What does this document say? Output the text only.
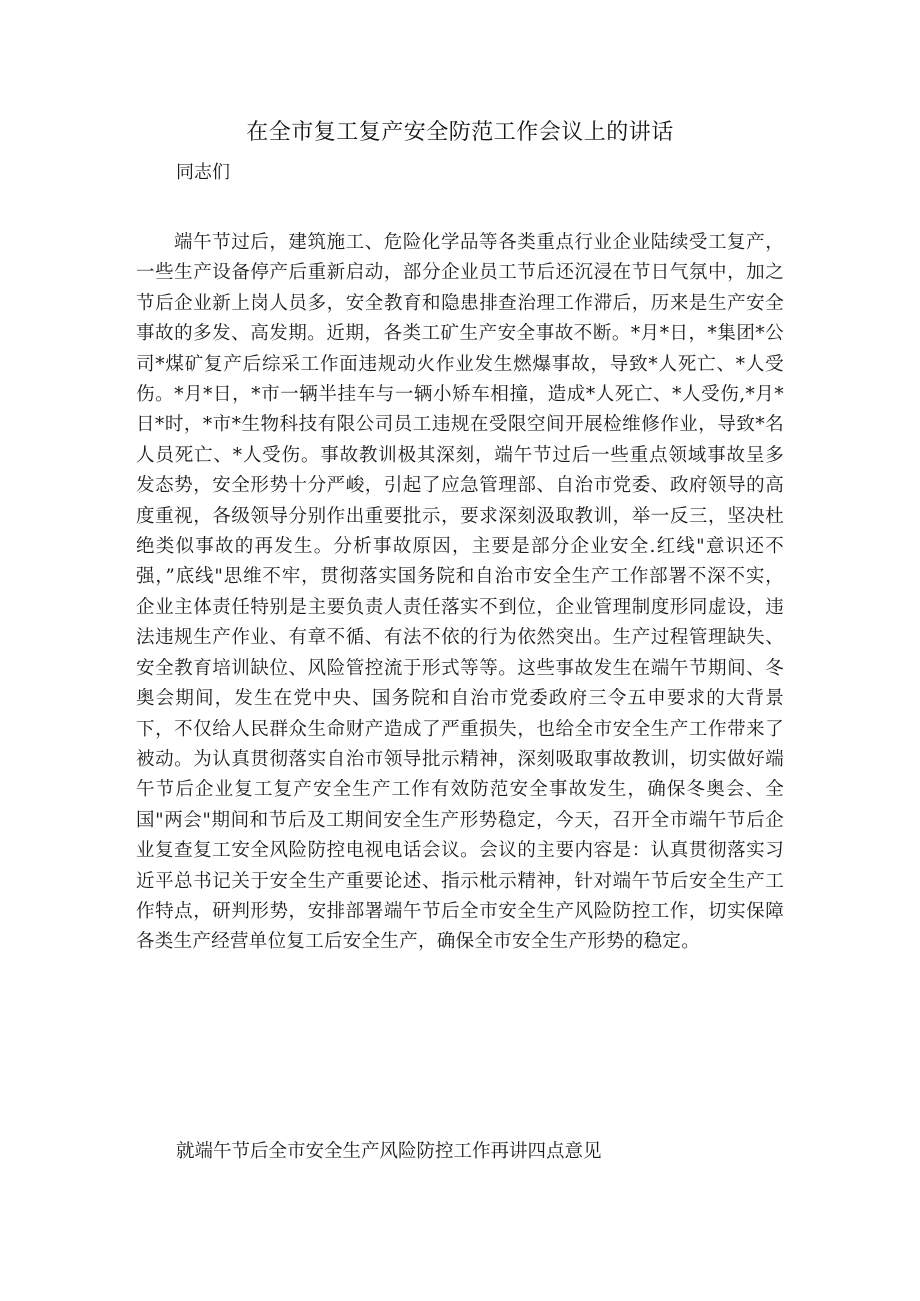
在全市复工复产安全防范工作会议上的讲话

同志们

端午节过后，建筑施工、危险化学品等各类重点行业企业陆续受工复产，一些生产设备停产后重新启动，部分企业员工节后还沉浸在节日气氛中，加之节后企业新上岗人员多，安全教育和隐患排查治理工作滞后，历来是生产安全事故的多发、高发期。近期，各类工矿生产安全事故不断。*月*日，*集团*公司*煤矿复产后综采工作面违规动火作业发生燃爆事故，导致*人死亡、*人受伤。*月*日，*市一辆半挂车与一辆小矫车相撞，造成*人死亡、*人受伤,*月*日*时，*市*生物科技有限公司员工违规在受限空间开展检维修作业，导致*名人员死亡、*人受伤。事故教训极其深刻，端午节过后一些重点领域事故呈多发态势，安全形势十分严峻，引起了应急管理部、自治市党委、政府领导的高度重视，各级领导分别作出重要批示，要求深刻汲取教训，举一反三，坚决杜绝类似事故的再发生。分析事故原因，主要是部分企业安全.红线"意识还不强，”底线"思维不牢，贯彻落实国务院和自治市安全生产工作部署不深不实，企业主体责任特别是主要负责人责任落实不到位，企业管理制度形同虚设，违法违规生产作业、有章不循、有法不依的行为依然突出。生产过程管理缺失、安全教育培训缺位、风险管控流于形式等等。这些事故发生在端午节期间、冬奥会期间，发生在党中央、国务院和自治市党委政府三令五申要求的大背景下，不仅给人民群众生命财产造成了严重损失，也给全市安全生产工作带来了被动。为认真贯彻落实自治市领导批示精神，深刻吸取事故教训，切实做好端午节后企业复工复产安全生产工作有效防范安全事故发生，确保冬奥会、全国"两会"期间和节后及工期间安全生产形势稳定，今天，召开全市端午节后企业复查复工安全风险防控电视电话会议。会议的主要内容是：认真贯彻落实习近平总书记关于安全生产重要论述、指示枇示精神，针对端午节后安全生产工作特点，研判形势，安排部署端午节后全市安全生产风险防控工作，切实保障各类生产经营单位复工后安全生产，确保全市安全生产形势的稳定。

就端午节后全市安全生产风险防控工作再讲四点意见
